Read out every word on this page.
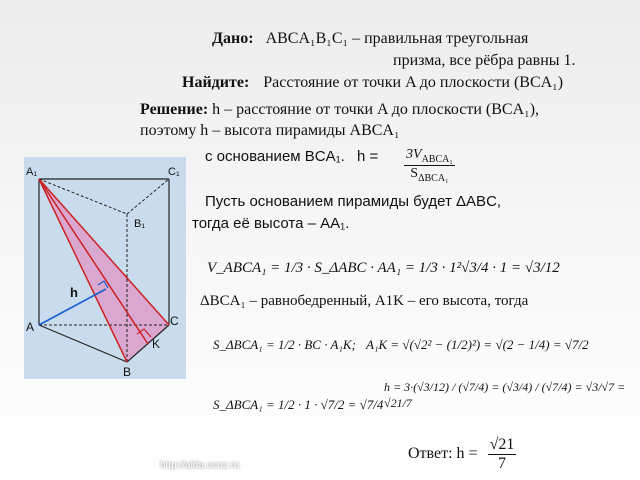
Дано: ABCA₁B₁C₁ – правильная треугольная
призма, все рёбра равны 1.
Найдите: Расстояние от точки A до плоскости (BCA₁)
Решение: h – расстояние от точки A до плоскости (BCA₁),
поэтому h – высота пирамиды ABCA₁
с основанием BCA₁. $h = \frac{3V_{ABCA_1}}{S_{\Delta BCA_1}}$
Пусть основанием пирамиды будет ΔABC,
тогда её высота – AA₁.
V_ABCA₁ = 1/3 · S_ΔABC · AA₁ = 1/3 · 1²√3/4 · 1 = √3/12
ΔBCA₁ – равнобедренный, A1K – его высота, тогда
S_ΔBCA₁ = 1/2 · BC · A₁K; A₁K = √(√2² − (1/2)²) = √(2 − 1/4) = √7/2
S_ΔBCA₁ = 1/2 · 1 · √7/2 = √7/4
h = 3·(√3/12) / (√7/4) = (√3/4) / (√7/4) = √3/√7 = √21/7
Ответ: $h = \frac{√21}{7}$
A₁	C₁
B₁
h
A	C
K
B
http://alda.ucoz.ru
